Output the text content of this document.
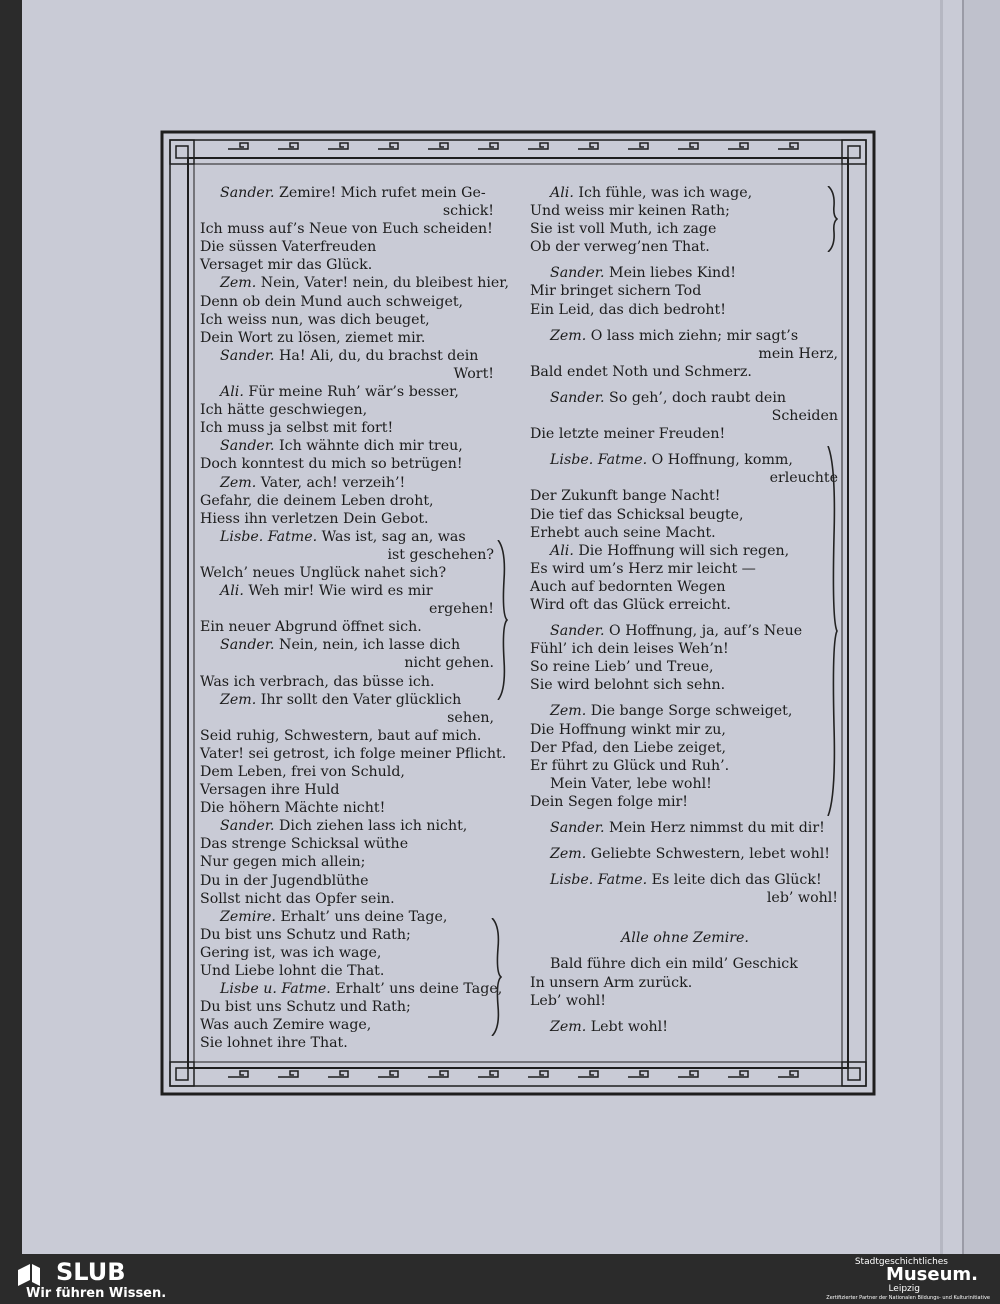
Sander. Zemire! Mich rufet mein Ge-
schick!
Ich muss auf’s Neue von Euch scheiden!
Die süssen Vaterfreuden
Versaget mir das Glück.
Zem. Nein, Vater! nein, du bleibest hier,
Denn ob dein Mund auch schweiget,
Ich weiss nun, was dich beuget,
Dein Wort zu lösen, ziemet mir.
Sander. Ha! Ali, du, du brachst dein
Wort!
Ali. Für meine Ruh’ wär’s besser,
Ich hätte geschwiegen,
Ich muss ja selbst mit fort!
Sander. Ich wähnte dich mir treu,
Doch konntest du mich so betrügen!
Zem. Vater, ach! verzeih’!
Gefahr, die deinem Leben droht,
Hiess ihn verletzen Dein Gebot.
Lisbe. Fatme. Was ist, sag an, was
ist geschehen?
Welch’ neues Unglück nahet sich?
Ali. Weh mir! Wie wird es mir
ergehen!
Ein neuer Abgrund öffnet sich.
Sander. Nein, nein, ich lasse dich
nicht gehen.
Was ich verbrach, das büsse ich.
Zem. Ihr sollt den Vater glücklich
sehen,
Seid ruhig, Schwestern, baut auf mich.
Vater! sei getrost, ich folge meiner Pflicht.
Dem Leben, frei von Schuld,
Versagen ihre Huld
Die höhern Mächte nicht!
Sander. Dich ziehen lass ich nicht,
Das strenge Schicksal wüthe
Nur gegen mich allein;
Du in der Jugendblüthe
Sollst nicht das Opfer sein.
Zemire. Erhalt’ uns deine Tage,
Du bist uns Schutz und Rath;
Gering ist, was ich wage,
Und Liebe lohnt die That.
Lisbe u. Fatme. Erhalt’ uns deine Tage,
Du bist uns Schutz und Rath;
Was auch Zemire wage,
Sie lohnet ihre That.
Ali. Ich fühle, was ich wage,
Und weiss mir keinen Rath;
Sie ist voll Muth, ich zage
Ob der verweg’nen That.
Sander. Mein liebes Kind!
Mir bringet sichern Tod
Ein Leid, das dich bedroht!
Zem. O lass mich ziehn; mir sagt’s
mein Herz,
Bald endet Noth und Schmerz.
Sander. So geh’, doch raubt dein
Scheiden
Die letzte meiner Freuden!
Lisbe. Fatme. O Hoffnung, komm,
erleuchte
Der Zukunft bange Nacht!
Die tief das Schicksal beugte,
Erhebt auch seine Macht.
Ali. Die Hoffnung will sich regen,
Es wird um’s Herz mir leicht —
Auch auf bedornten Wegen
Wird oft das Glück erreicht.
Sander. O Hoffnung, ja, auf’s Neue
Fühl’ ich dein leises Weh’n!
So reine Lieb’ und Treue,
Sie wird belohnt sich sehn.
Zem. Die bange Sorge schweiget,
Die Hoffnung winkt mir zu,
Der Pfad, den Liebe zeiget,
Er führt zu Glück und Ruh’.
Mein Vater, lebe wohl!
Dein Segen folge mir!
Sander. Mein Herz nimmst du mit dir!
Zem. Geliebte Schwestern, lebet wohl!
Lisbe. Fatme. Es leite dich das Glück!
leb’ wohl!
Alle ohne Zemire.
Bald führe dich ein mild’ Geschick
In unsern Arm zurück.
Leb’ wohl!
Zem. Lebt wohl!
SLUB
Wir führen Wissen.
Stadtgeschichtliches
Museum.
Leipzig
Zertifizierter Partner der Nationalen Bildungs- und Kulturinitiative
